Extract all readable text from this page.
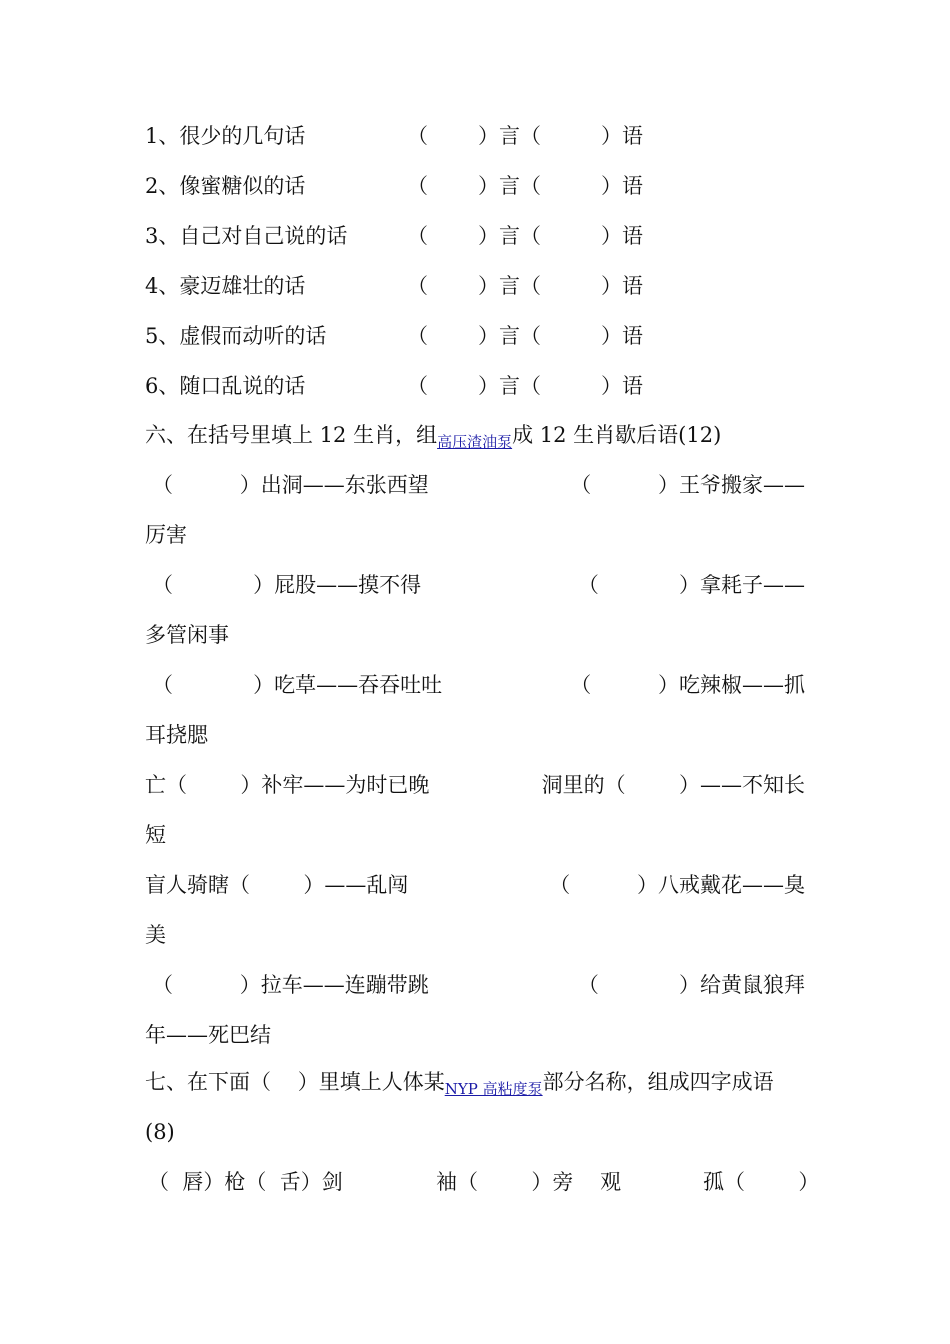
1、很少的几句话	（ ）言（	）语
2、像蜜糖似的话	（ ）言（	）语
3、自己对自己说的话	（ ）言（	）语
4、豪迈雄壮的话	（ ）言（	）语
5、虚假而动听的话	（ ）言（	）语
6、随口乱说的话	（ ）言（	）语
六、在括号里填上 12 生肖，组$_{高压渣油泵}$成 12 生肖歇后语(12)
（          ）出洞——东张西望	（          ）王爷搬家——
厉害
（            ）屁股——摸不得	（            ）拿耗子——
多管闲事
（            ）吃草——吞吞吐吐	（          ）吃辣椒——抓
耳挠腮
亡（        ）补牢——为时已晚	洞里的（        ）——不知长
短
盲人骑瞎（        ）——乱闯	（          ）八戒戴花——臭
美
（          ）拉车——连蹦带跳	（            ）给黄鼠狼拜
年——死巴结
七、在下面（    ）里填上人体某$_{NYP 高粘度泵}$部分名称，组成四字成语
(8)
（  唇）枪（  舌）剑	袖（        ）旁    观	孤（        ）
